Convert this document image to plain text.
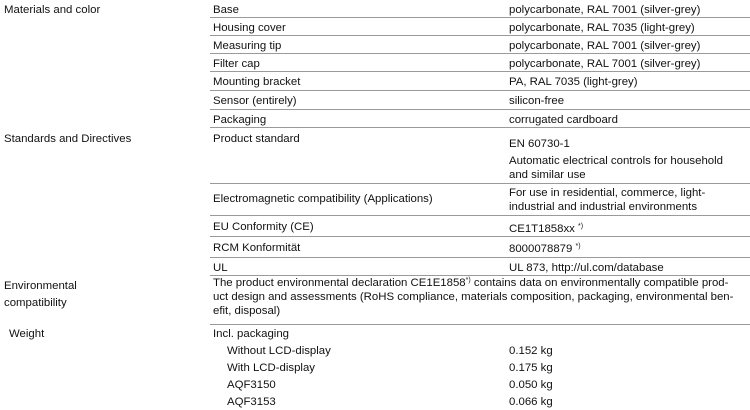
Materials and color	Base	polycarbonate, RAL 7001 (silver-grey)
Housing cover	polycarbonate, RAL 7035 (light-grey)
Measuring tip	polycarbonate, RAL 7001 (silver-grey)
Filter cap	polycarbonate, RAL 7001 (silver-grey)
Mounting bracket	PA, RAL 7035 (light-grey)
Sensor (entirely)	silicon-free
Packaging	corrugated cardboard
Standards and Directives	Product standard	EN 60730-1
Automatic electrical controls for household
and similar use
Electromagnetic compatibility (Applications)	For use in residential, commerce, light-
industrial and industrial environments
EU Conformity (CE)	CE1T1858xx *)
RCM Konformität	8000078879 *)
UL	UL 873, http://ul.com/database
Environmental
compatibility
The product environmental declaration CE1E1858*) contains data on environmentally compatible prod-
uct design and assessments (RoHS compliance, materials composition, packaging, environmental ben-
efit, disposal)
Weight	Incl. packaging
Without LCD-display	0.152 kg
With LCD-display	0.175 kg
AQF3150	0.050 kg
AQF3153	0.066 kg
